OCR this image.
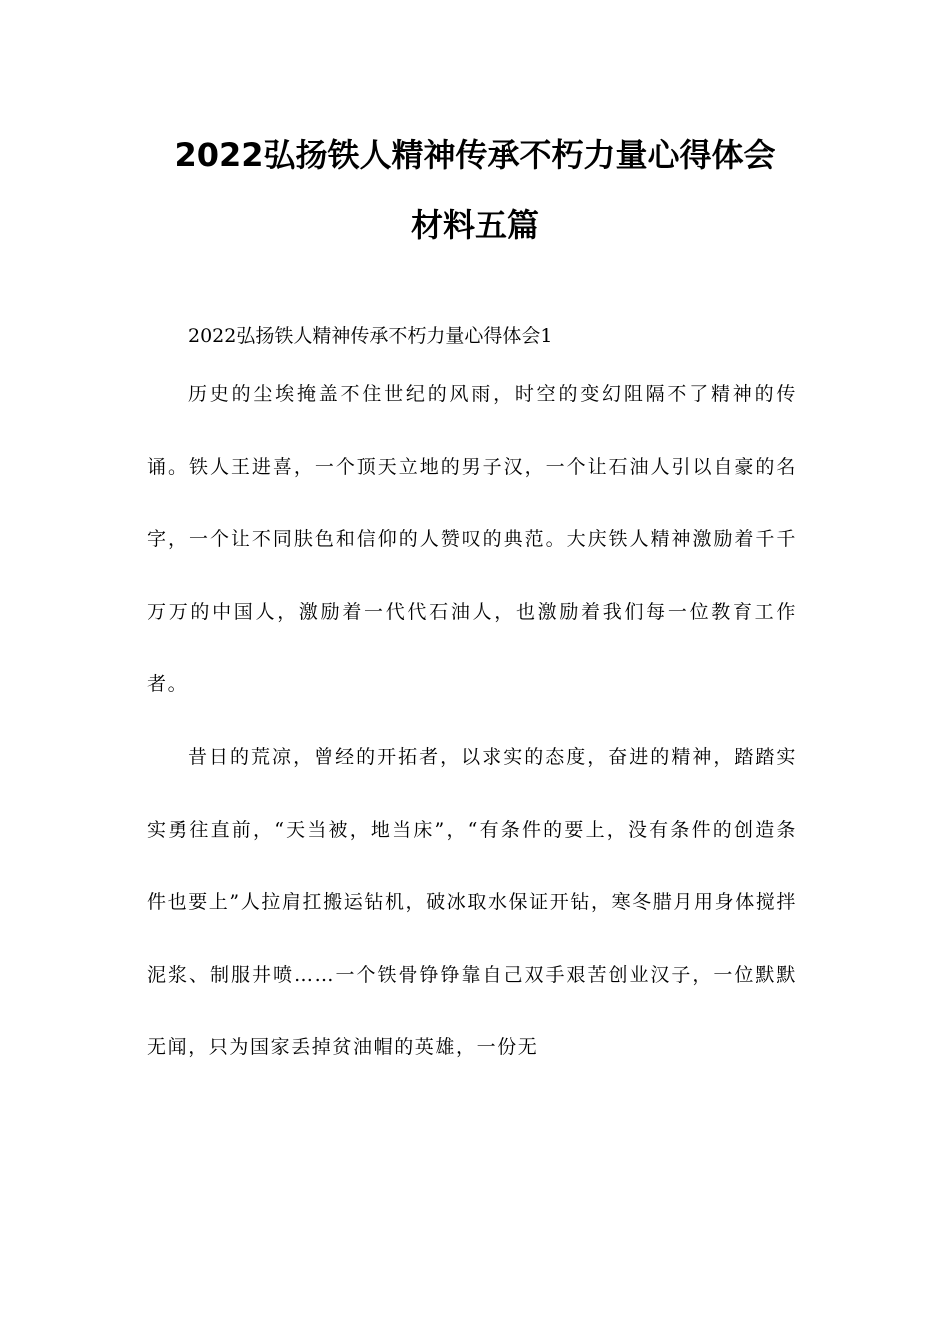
2022弘扬铁人精神传承不朽力量心得体会
材料五篇

2022弘扬铁人精神传承不朽力量心得体会1

历史的尘埃掩盖不住世纪的风雨，时空的变幻阻隔不了精神的传诵。铁人王进喜，一个顶天立地的男子汉，一个让石油人引以自豪的名字，一个让不同肤色和信仰的人赞叹的典范。大庆铁人精神激励着千千万万的中国人，激励着一代代石油人，也激励着我们每一位教育工作者。

昔日的荒凉，曾经的开拓者，以求实的态度，奋进的精神，踏踏实实勇往直前，“天当被，地当床”，“有条件的要上，没有条件的创造条件也要上”人拉肩扛搬运钻机，破冰取水保证开钻，寒冬腊月用身体搅拌泥浆、制服井喷……一个铁骨铮铮靠自己双手艰苦创业汉子，一位默默无闻，只为国家丢掉贫油帽的英雄，一份无
